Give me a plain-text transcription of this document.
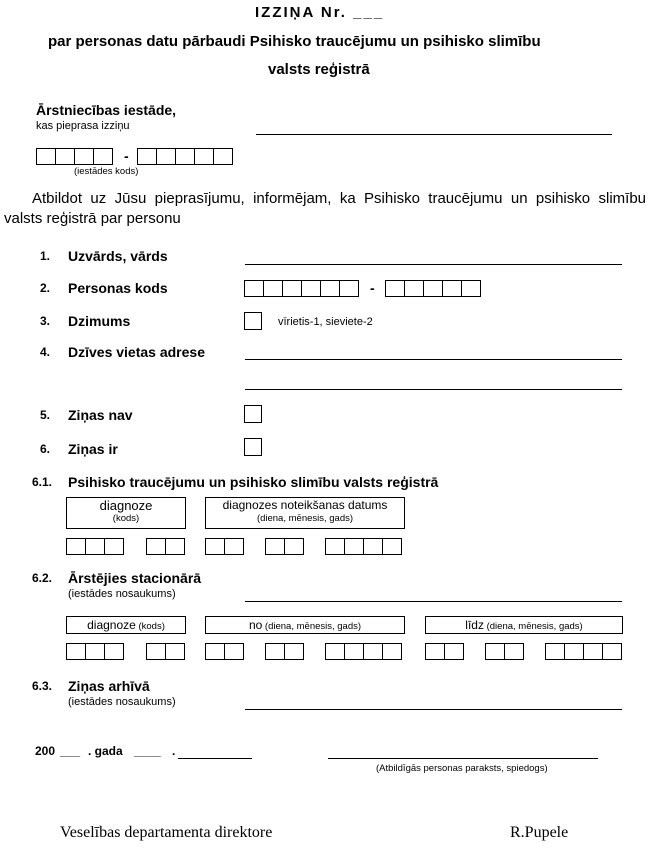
IZZIŅA Nr. ___
par personas datu pārbaudi Psihisko traucējumu un psihisko slimību
valsts reģistrā
Ārstniecības iestāde,
kas pieprasa izziņu
-
(iestādes kods)
Atbildot uz Jūsu pieprasījumu, informējam, ka Psihisko traucējumu un psihisko slimību valsts reģistrā par personu
1. Uzvārds, vārds
2. Personas kods	-
3. Dzimums	vīrietis-1, sieviete-2
4. Dzīves vietas adrese
5. Ziņas nav
6. Ziņas ir
6.1. Psihisko traucējumu un psihisko slimību valsts reģistrā
diagnoze
(kods)
diagnozes noteikšanas datums
(diena, mēnesis, gads)
6.2. Ārstējies stacionārā
(iestādes nosaukums)
diagnoze (kods)	no (diena, mēnesis, gads)	līdz (diena, mēnesis, gads)
6.3. Ziņas arhīvā
(iestādes nosaukums)
200 ___ . gada ____ .
(Atbildīgās personas paraksts, spiedogs)
Veselības departamenta direktore	R.Pupele
